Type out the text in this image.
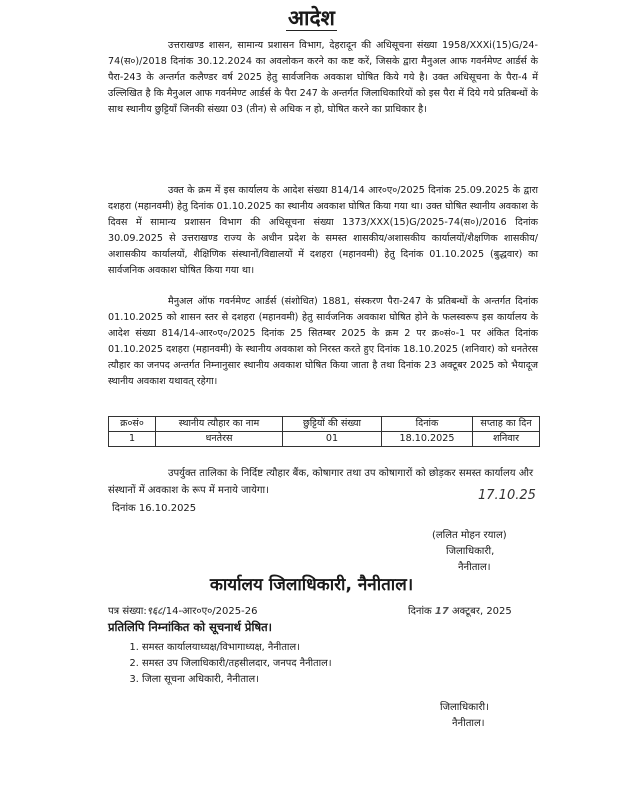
आदेश
उत्तराखण्ड शासन, सामान्य प्रशासन विभाग, देहरादून की अधिसूचना संख्या 1958/XXXi(15)G/24-74(स०)/2018 दिनांक 30.12.2024 का अवलोकन करने का कष्ट करें, जिसके द्वारा मैनुअल आफ गवर्नमेण्ट आर्डर्स के पैरा-243 के अन्तर्गत कलैण्डर वर्ष 2025 हेतु सार्वजनिक अवकाश घोषित किये गये है। उक्त अधिसूचना के पैरा-4 में उल्लिखित है कि मैनुअल आफ गवर्नमेण्ट आर्डर्स के पैरा 247 के अन्तर्गत जिलाधिकारियों को इस पैरा में दिये गये प्रतिबन्धों के साथ स्थानीय छुट्टियाँ जिनकी संख्या 03 (तीन) से अधिक न हो, घोषित करने का प्राधिकार है।
उक्त के क्रम में इस कार्यालय के आदेश संख्या 814/14 आर०ए०/2025 दिनांक 25.09.2025 के द्वारा दशहरा (महानवमी) हेतु दिनांक 01.10.2025 का स्थानीय अवकाश घोषित किया गया था। उक्त घोषित स्थानीय अवकाश के दिवस में सामान्य प्रशासन विभाग की अधिसूचना संख्या 1373/XXX(15)G/2025-74(स०)/2016 दिनांक 30.09.2025 से उत्तराखण्ड राज्य के अधीन प्रदेश के समस्त शासकीय/अशासकीय कार्यालयों/शैक्षणिक शासकीय/अशासकीय कार्यालयों, शैक्षिणिक संस्थानों/विद्यालयों में दशहरा (महानवमी) हेतु दिनांक 01.10.2025 (बुद्धवार) का सार्वजनिक अवकाश घोषित किया गया था।
मैनुअल ऑफ गवर्नमेण्ट आर्डर्स (संशोधित) 1881, संस्करण पैरा-247 के प्रतिबन्धों के अन्तर्गत दिनांक 01.10.2025 को शासन स्तर से दशहरा (महानवमी) हेतु सार्वजनिक अवकाश घोषित होने के फलस्वरूप इस कार्यालय के आदेश संख्या 814/14-आर०ए०/2025 दिनांक 25 सितम्बर 2025 के क्रम 2 पर क्र०सं०-1 पर अंकित दिनांक 01.10.2025 दशहरा (महानवमी) के स्थानीय अवकाश को निरस्त करते हुए दिनांक 18.10.2025 (शनिवार) को धनतेरस त्यौहार का जनपद अन्तर्गत निम्नानुसार स्थानीय अवकाश घोषित किया जाता है तथा दिनांक 23 अक्टूबर 2025 को भैयादूज स्थानीय अवकाश यथावत् रहेगा।
क्र०सं०	स्थानीय त्यौहार का नाम	छुट्टियों की संख्या	दिनांक	सप्ताह का दिन
1	धनतेरस	01	18.10.2025	शनिवार
उपर्युक्त तालिका के निर्दिष्ट त्यौहार बैंक, कोषागार तथा उप कोषागारों को छोड़कर समस्त कार्यालय और संस्थानों में अवकाश के रूप में मनाये जायेगा।
दिनांक 16.10.2025
17.10.25
(ललित मोहन रयाल)
जिलाधिकारी,
नैनीताल।
कार्यालय जिलाधिकारी, नैनीताल।
पत्र संख्या:९६८/14-आर०ए०/2025-26	दिनांक 17 अक्टूबर, 2025
प्रतिलिपि निम्नांकित को सूचनार्थ प्रेषित।
1. समस्त कार्यालयाध्यक्ष/विभागाध्यक्ष, नैनीताल।
2. समस्त उप जिलाधिकारी/तहसीलदार, जनपद नैनीताल।
3. जिला सूचना अधिकारी, नैनीताल।
जिलाधिकारी।
नैनीताल।
